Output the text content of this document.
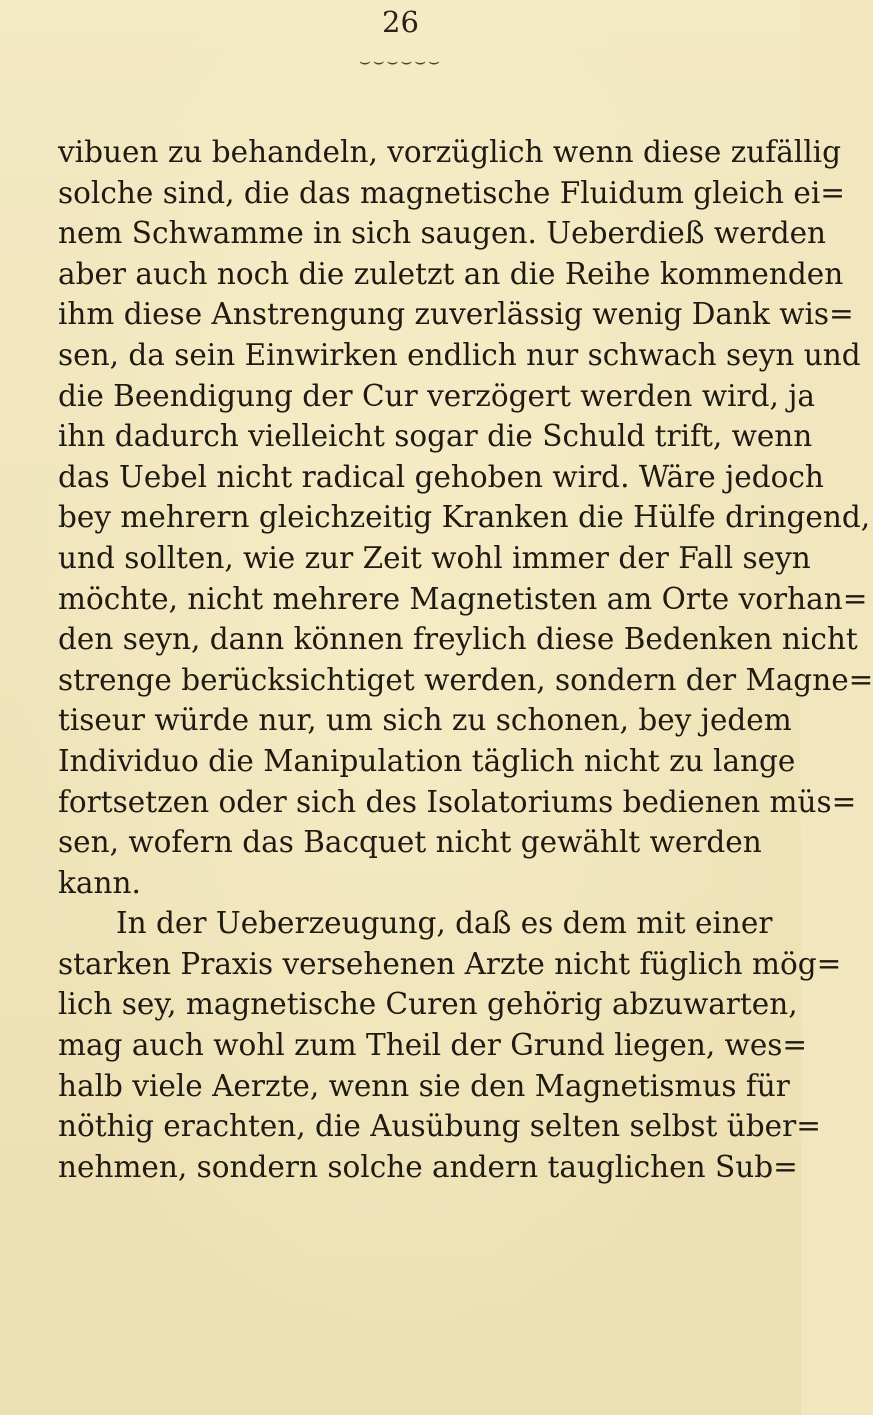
26
⌣⌣⌣⌣⌣⌣
vibuen zu behandeln, vorzüglich wenn diese zufällig
solche sind, die das magnetische Fluidum gleich ei=
nem Schwamme in sich saugen. Ueberdieß werden
aber auch noch die zuletzt an die Reihe kommenden
ihm diese Anstrengung zuverlässig wenig Dank wis=
sen, da sein Einwirken endlich nur schwach seyn und
die Beendigung der Cur verzögert werden wird, ja
ihn dadurch vielleicht sogar die Schuld trift, wenn
das Uebel nicht radical gehoben wird. Wäre jedoch
bey mehrern gleichzeitig Kranken die Hülfe dringend,
und sollten, wie zur Zeit wohl immer der Fall seyn
möchte, nicht mehrere Magnetisten am Orte vorhan=
den seyn, dann können freylich diese Bedenken nicht
strenge berücksichtiget werden, sondern der Magne=
tiseur würde nur, um sich zu schonen, bey jedem
Individuo die Manipulation täglich nicht zu lange
fortsetzen oder sich des Isolatoriums bedienen müs=
sen, wofern das Bacquet nicht gewählt werden
kann.
In der Ueberzeugung, daß es dem mit einer
starken Praxis versehenen Arzte nicht füglich mög=
lich sey, magnetische Curen gehörig abzuwarten,
mag auch wohl zum Theil der Grund liegen, wes=
halb viele Aerzte, wenn sie den Magnetismus für
nöthig erachten, die Ausübung selten selbst über=
nehmen, sondern solche andern tauglichen Sub=
